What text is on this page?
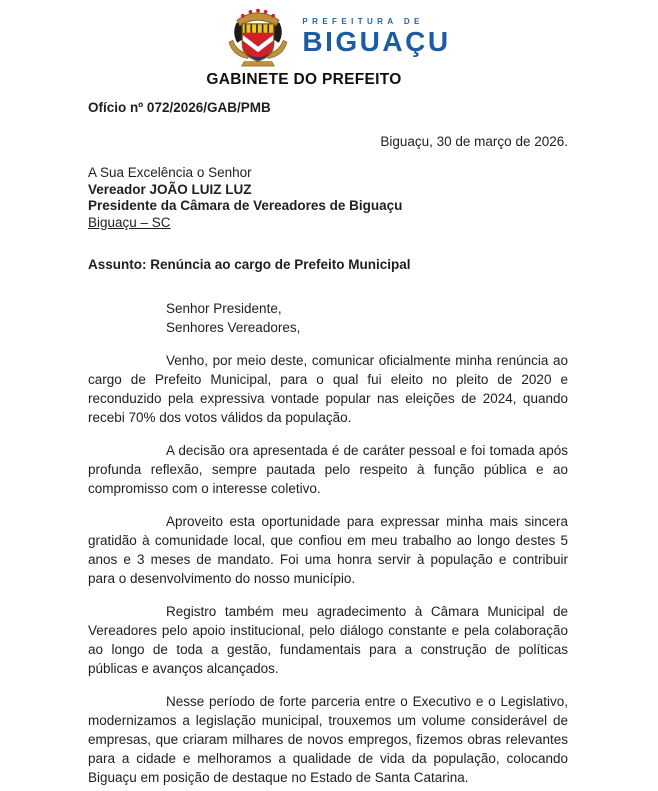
PREFEITURA DE
BIGUAÇU
GABINETE DO PREFEITO

Ofício nº 072/2026/GAB/PMB

Biguaçu, 30 de março de 2026.

A Sua Excelência o Senhor

Vereador JOÃO LUIZ LUZ

Presidente da Câmara de Vereadores de Biguaçu

Biguaçu – SC

Assunto: Renúncia ao cargo de Prefeito Municipal

Senhor Presidente,

Senhores Vereadores,

Venho, por meio deste, comunicar oficialmente minha renúncia ao cargo de Prefeito Municipal, para o qual fui eleito no pleito de 2020 e reconduzido pela expressiva vontade popular nas eleições de 2024, quando recebi 70% dos votos válidos da população.

A decisão ora apresentada é de caráter pessoal e foi tomada após profunda reflexão, sempre pautada pelo respeito à função pública e ao compromisso com o interesse coletivo.

Aproveito esta oportunidade para expressar minha mais sincera gratidão à comunidade local, que confiou em meu trabalho ao longo destes 5 anos e 3 meses de mandato. Foi uma honra servir à população e contribuir para o desenvolvimento do nosso município.

Registro também meu agradecimento à Câmara Municipal de Vereadores pelo apoio institucional, pelo diálogo constante e pela colaboração ao longo de toda a gestão, fundamentais para a construção de políticas públicas e avanços alcançados.

Nesse período de forte parceria entre o Executivo e o Legislativo, modernizamos a legislação municipal, trouxemos um volume considerável de empresas, que criaram milhares de novos empregos, fizemos obras relevantes para a cidade e melhoramos a qualidade de vida da população, colocando Biguaçu em posição de destaque no Estado de Santa Catarina.
